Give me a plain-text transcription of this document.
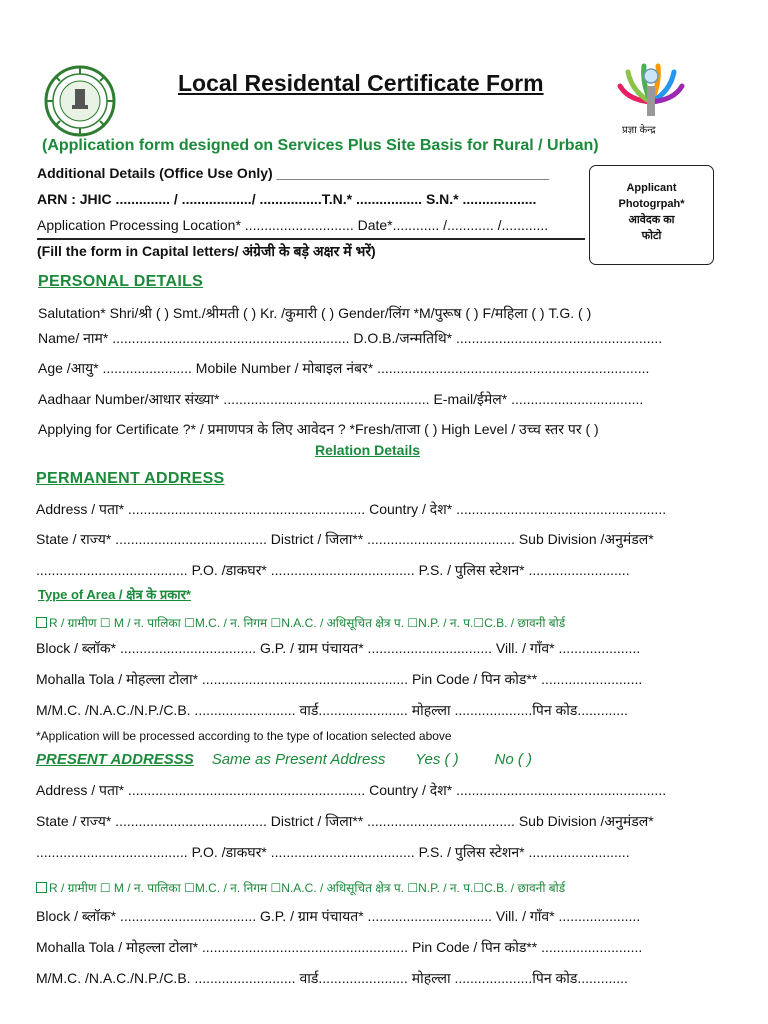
Local Residental Certificate Form
प्रज्ञा केन्द्र
(Application form designed on Services Plus Site Basis for Rural / Urban)
Additional Details (Office Use Only) ___________________________________
ARN : JHIC .............. / ................../ ................T.N.* ................. S.N.* ...................
Application Processing Location* ............................ Date*............ /............ /............
(Fill the form in Capital letters/ अंग्रेजी के बड़े अक्षर में भरें)
Applicant
Photogrpah*
आवेदक का
फोटो
PERSONAL DETAILS
Salutation* Shri/श्री ( ) Smt./श्रीमती ( ) Kr. /कुमारी ( ) Gender/लिंग *M/पुरूष ( ) F/महिला ( ) T.G. ( )
Name/ नाम* ............................................................. D.O.B./जन्मतिथि* .....................................................
Age /आयु* ....................... Mobile Number / मोबाइल नंबर* ......................................................................
Aadhaar Number/आधार संख्या* ..................................................... E-mail/ईमेल* ..................................
Applying for Certificate ?* / प्रमाणपत्र के लिए आवेदन ? *Fresh/ताजा ( ) High Level / उच्च स्तर पर ( )
Relation Details
PERMANENT ADDRESS
Address / पता* ............................................................. Country / देश* ......................................................
State / राज्य* ....................................... District / जिला** ...................................... Sub Division /अनुमंडल*
....................................... P.O. /डाकघर* ..................................... P.S. / पुलिस स्टेशन* ..........................
Type of Area / क्षेत्र के प्रकार*
R / ग्रामीण ☐ M / न. पालिका ☐M.C. / न. निगम ☐N.A.C. / अधिसूचित क्षेत्र प. ☐N.P. / न. प.☐C.B. / छावनी बोर्ड
Block / ब्लॉक* ................................... G.P. / ग्राम पंचायत* ................................ Vill. / गाँव* .....................
Mohalla Tola / मोहल्ला टोला* ..................................................... Pin Code / पिन कोड** ..........................
M/M.C. /N.A.C./N.P./C.B. .......................... वार्ड....................... मोहल्ला ....................पिन कोड.............
*Application will be processed according to the type of location selected above
PRESENT ADDRESSS Same as Present Address Yes ( ) No ( )
Address / पता* ............................................................. Country / देश* ......................................................
State / राज्य* ....................................... District / जिला** ...................................... Sub Division /अनुमंडल*
....................................... P.O. /डाकघर* ..................................... P.S. / पुलिस स्टेशन* ..........................
R / ग्रामीण ☐ M / न. पालिका ☐M.C. / न. निगम ☐N.A.C. / अधिसूचित क्षेत्र प. ☐N.P. / न. प.☐C.B. / छावनी बोर्ड
Block / ब्लॉक* ................................... G.P. / ग्राम पंचायत* ................................ Vill. / गाँव* .....................
Mohalla Tola / मोहल्ला टोला* ..................................................... Pin Code / पिन कोड** ..........................
M/M.C. /N.A.C./N.P./C.B. .......................... वार्ड....................... मोहल्ला ....................पिन कोड.............
